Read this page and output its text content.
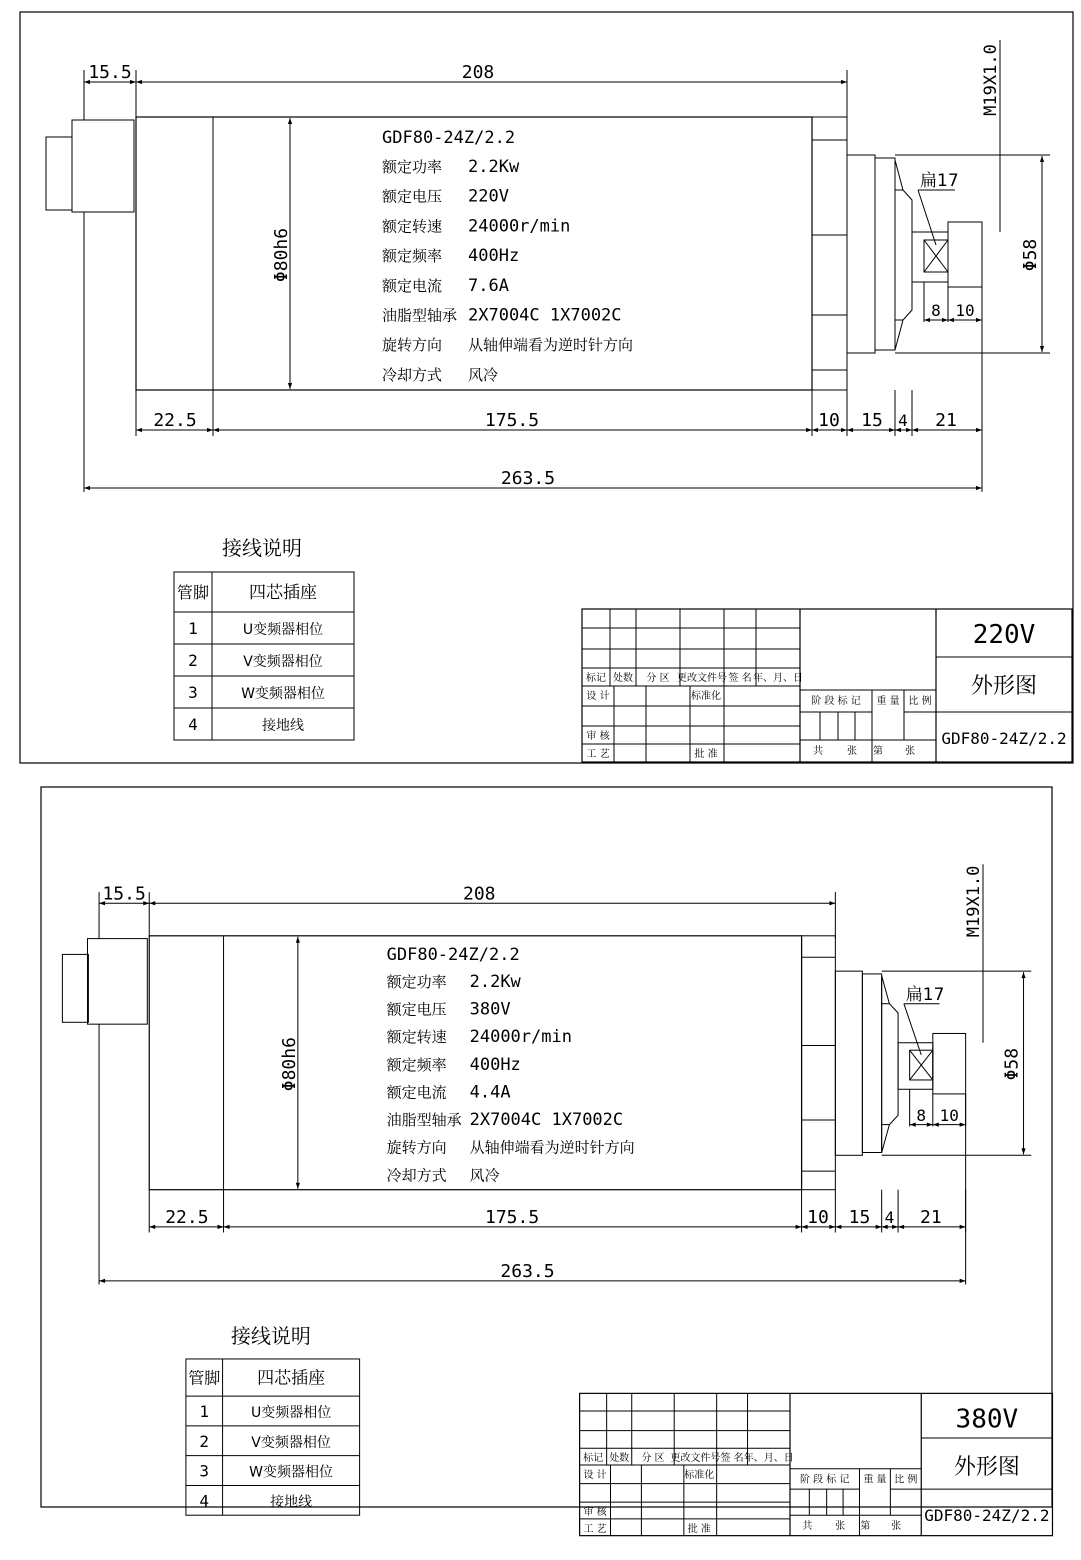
15.5	208
Φ80h6
M19X1.0
扁17
Φ58
8 10
22.5	175.5	10 15 4 21
263.5
GDF80-24Z/2.2
额定功率 2.2Kw
额定电压 220V
额定转速 24000r/min
额定频率 400Hz
额定电流 7.6A
油脂型轴承 2X7004C 1X7002C
旋转方向 从轴伸端看为逆时针方向
冷却方式 风冷
接线说明
管脚 四芯插座
1	U变频器相位
2	V变频器相位
3	W变频器相位
4	接地线
标记 处数 分 区 更改文件号 签 名 年、月、日
设 计	标准化
审 核
工 艺	批 准
阶 段 标 记 重 量 比 例
共 张 第 张
220V
外形图
GDF80-24Z/2.2
15.5	208
Φ80h6
M19X1.0
扁17
Φ58
8 10
22.5	175.5	10 15 4 21
263.5
GDF80-24Z/2.2
额定功率 2.2Kw
额定电压 380V
额定转速 24000r/min
额定频率 400Hz
额定电流 4.4A
油脂型轴承 2X7004C 1X7002C
旋转方向 从轴伸端看为逆时针方向
冷却方式 风冷
接线说明
管脚 四芯插座
1	U变频器相位
2	V变频器相位
3	W变频器相位
4	接地线
标记 处数 分 区 更改文件号 签 名 年、月、日
设 计	标准化
审 核
工 艺	批 准
阶 段 标 记 重 量 比 例
共 张 第 张
380V
外形图
GDF80-24Z/2.2
